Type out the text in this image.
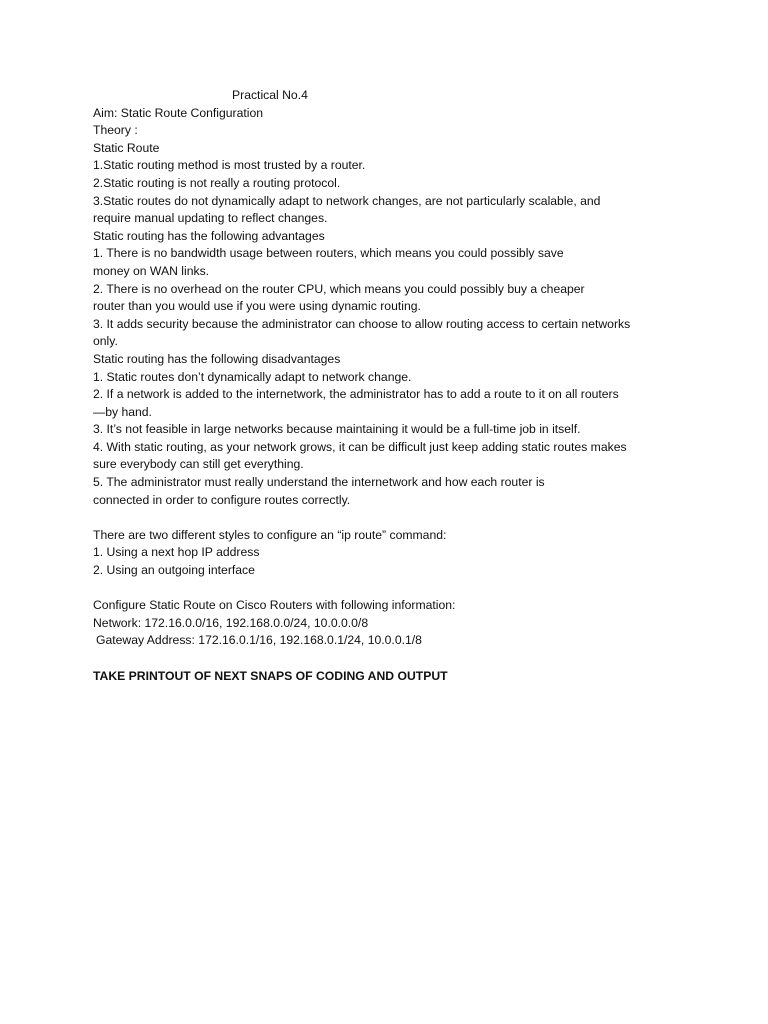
Practical No.4
Aim: Static Route Configuration
Theory :
Static Route
1.Static routing method is most trusted by a router.
2.Static routing is not really a routing protocol.
3.Static routes do not dynamically adapt to network changes, are not particularly scalable, and
require manual updating to reflect changes.
Static routing has the following advantages
1. There is no bandwidth usage between routers, which means you could possibly save
money on WAN links.
2. There is no overhead on the router CPU, which means you could possibly buy a cheaper
router than you would use if you were using dynamic routing.
3. It adds security because the administrator can choose to allow routing access to certain networks
only.
Static routing has the following disadvantages
1. Static routes don’t dynamically adapt to network change.
2. If a network is added to the internetwork, the administrator has to add a route to it on all routers
—by hand.
3. It’s not feasible in large networks because maintaining it would be a full-time job in itself.
4. With static routing, as your network grows, it can be difficult just keep adding static routes makes
sure everybody can still get everything.
5. The administrator must really understand the internetwork and how each router is
connected in order to configure routes correctly.
There are two different styles to configure an “ip route” command:
1. Using a next hop IP address
2. Using an outgoing interface
Configure Static Route on Cisco Routers with following information:
Network: 172.16.0.0/16, 192.168.0.0/24, 10.0.0.0/8
Gateway Address: 172.16.0.1/16, 192.168.0.1/24, 10.0.0.1/8
TAKE PRINTOUT OF NEXT SNAPS OF CODING AND OUTPUT
